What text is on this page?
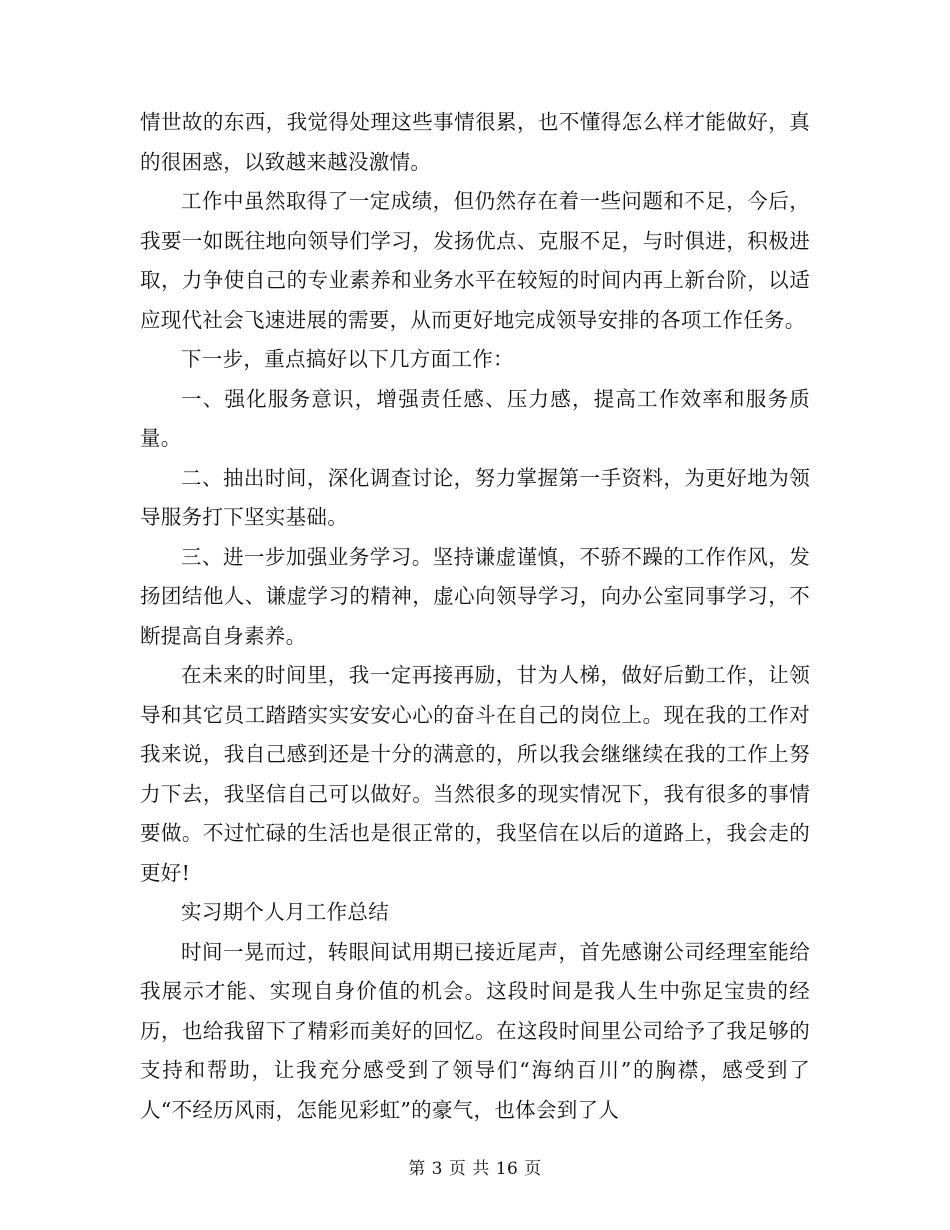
情世故的东西，我觉得处理这些事情很累，也不懂得怎么样才能做好，真的很困惑，以致越来越没激情。

工作中虽然取得了一定成绩，但仍然存在着一些问题和不足，今后，我要一如既往地向领导们学习，发扬优点、克服不足，与时俱进，积极进取，力争使自己的专业素养和业务水平在较短的时间内再上新台阶，以适应现代社会飞速进展的需要，从而更好地完成领导安排的各项工作任务。

下一步，重点搞好以下几方面工作：

一、强化服务意识，增强责任感、压力感，提高工作效率和服务质量。

二、抽出时间，深化调查讨论，努力掌握第一手资料，为更好地为领导服务打下坚实基础。

三、进一步加强业务学习。坚持谦虚谨慎，不骄不躁的工作作风，发扬团结他人、谦虚学习的精神，虚心向领导学习，向办公室同事学习，不断提高自身素养。

在未来的时间里，我一定再接再励，甘为人梯，做好后勤工作，让领导和其它员工踏踏实实安安心心的奋斗在自己的岗位上。现在我的工作对我来说，我自己感到还是十分的满意的，所以我会继继续在我的工作上努力下去，我坚信自己可以做好。当然很多的现实情况下，我有很多的事情要做。不过忙碌的生活也是很正常的，我坚信在以后的道路上，我会走的更好!

实习期个人月工作总结

时间一晃而过，转眼间试用期已接近尾声，首先感谢公司经理室能给我展示才能、实现自身价值的机会。这段时间是我人生中弥足宝贵的经历，也给我留下了精彩而美好的回忆。在这段时间里公司给予了我足够的支持和帮助，让我充分感受到了领导们“海纳百川”的胸襟，感受到了 人“不经历风雨，怎能见彩虹”的豪气，也体会到了人

第 3 页 共 16 页
